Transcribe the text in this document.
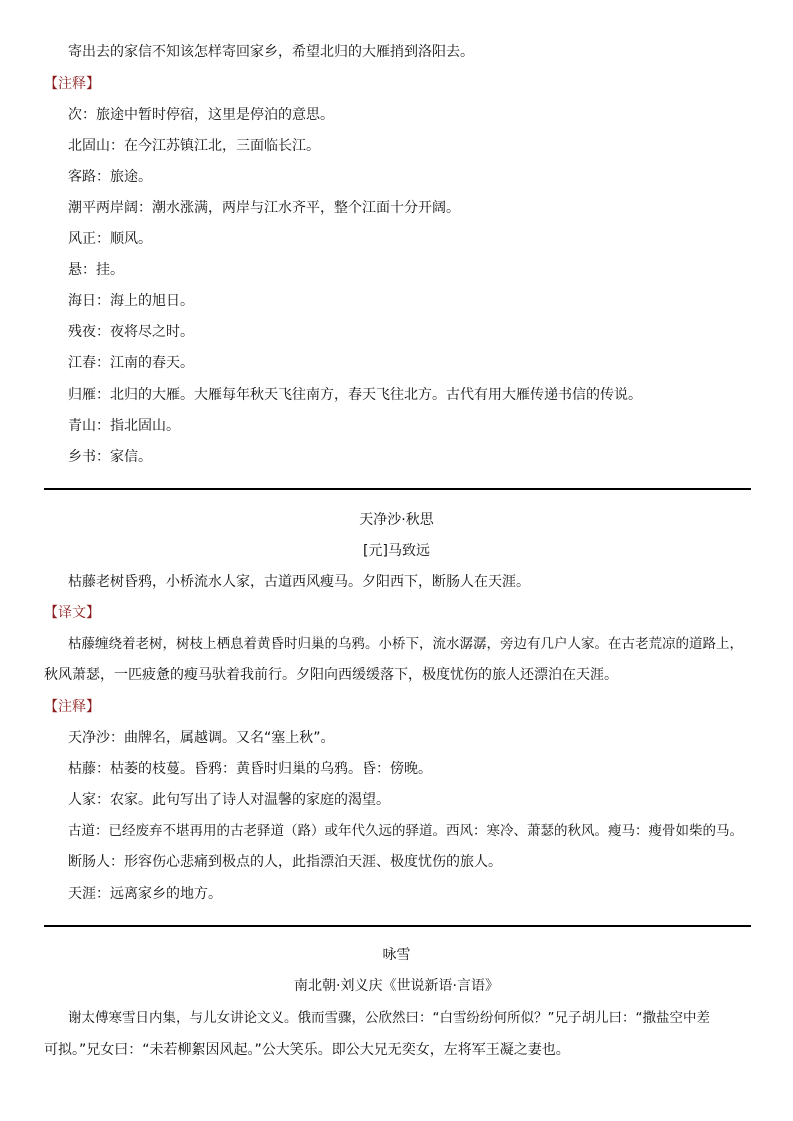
寄出去的家信不知该怎样寄回家乡，希望北归的大雁捎到洛阳去。
【注释】
次：旅途中暂时停宿，这里是停泊的意思。
北固山：在今江苏镇江北，三面临长江。
客路：旅途。
潮平两岸阔：潮水涨满，两岸与江水齐平，整个江面十分开阔。
风正：顺风。
悬：挂。
海日：海上的旭日。
残夜：夜将尽之时。
江春：江南的春天。
归雁：北归的大雁。大雁每年秋天飞往南方，春天飞往北方。古代有用大雁传递书信的传说。
青山：指北固山。
乡书：家信。
天净沙·秋思
[元]马致远
枯藤老树昏鸦，小桥流水人家，古道西风瘦马。夕阳西下，断肠人在天涯。
【译文】
枯藤缠绕着老树，树枝上栖息着黄昏时归巢的乌鸦。小桥下，流水潺潺，旁边有几户人家。在古老荒凉的道路上，
秋风萧瑟，一匹疲惫的瘦马驮着我前行。夕阳向西缓缓落下，极度忧伤的旅人还漂泊在天涯。
【注释】
天净沙：曲牌名，属越调。又名“塞上秋”。
枯藤：枯萎的枝蔓。昏鸦：黄昏时归巢的乌鸦。昏：傍晚。
人家：农家。此句写出了诗人对温馨的家庭的渴望。
古道：已经废弃不堪再用的古老驿道（路）或年代久远的驿道。西风：寒冷、萧瑟的秋风。瘦马：瘦骨如柴的马。
断肠人：形容伤心悲痛到极点的人，此指漂泊天涯、极度忧伤的旅人。
天涯：远离家乡的地方。
咏雪
南北朝·刘义庆《世说新语·言语》
谢太傅寒雪日内集，与儿女讲论文义。俄而雪骤，公欣然曰：“白雪纷纷何所似？”兄子胡儿曰：“撒盐空中差
可拟。”兄女曰：“未若柳絮因风起。”公大笑乐。即公大兄无奕女，左将军王凝之妻也。
